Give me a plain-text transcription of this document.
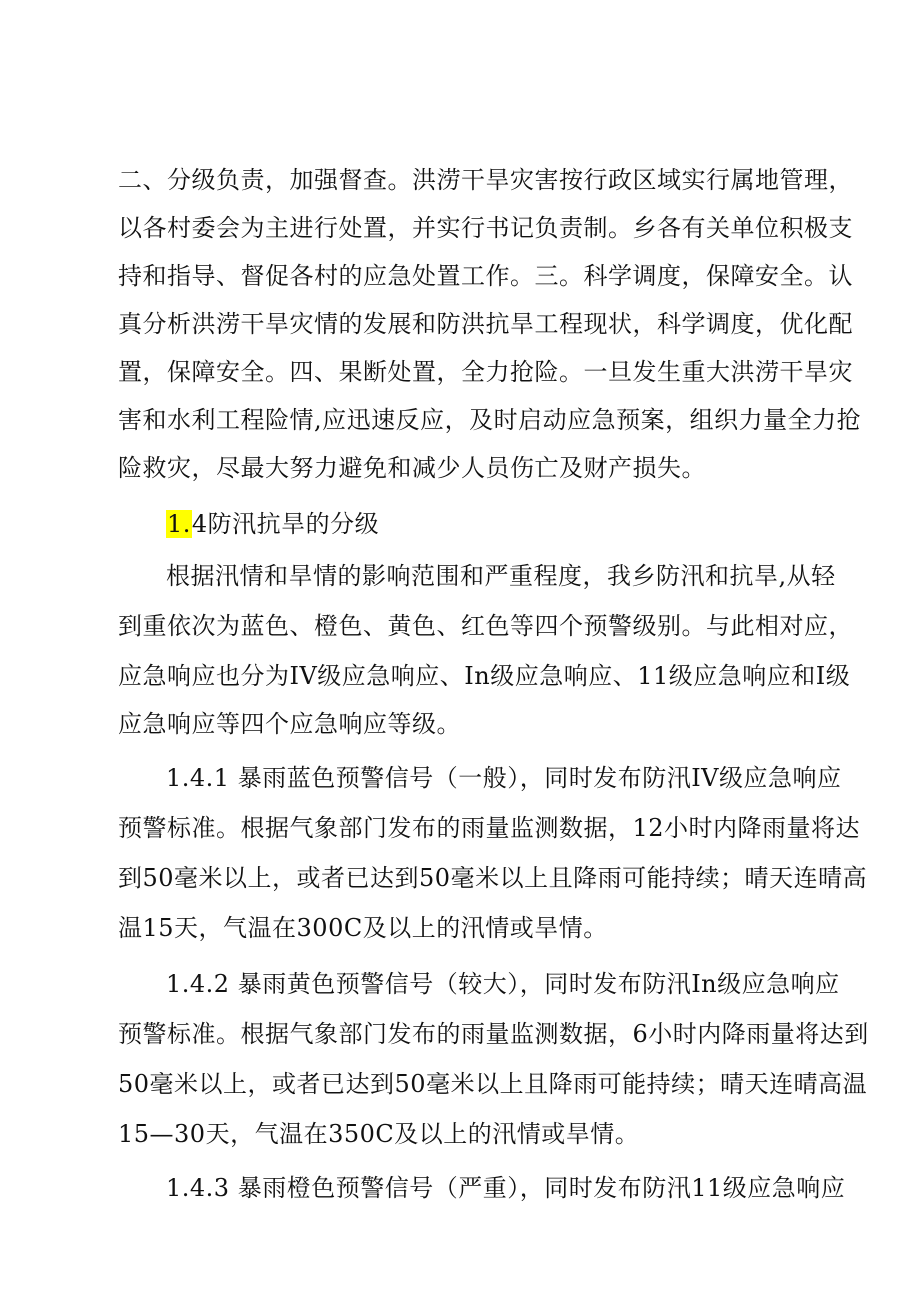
二、分级负责，加强督查。洪涝干旱灾害按行政区域实行属地管理，
以各村委会为主进行处置，并实行书记负责制。乡各有关单位积极支
持和指导、督促各村的应急处置工作。三。科学调度，保障安全。认
真分析洪涝干旱灾情的发展和防洪抗旱工程现状，科学调度，优化配
置，保障安全。四、果断处置，全力抢险。一旦发生重大洪涝干旱灾
害和水利工程险情,应迅速反应，及时启动应急预案，组织力量全力抢
险救灾，尽最大努力避免和减少人员伤亡及财产损失。
1.4防汛抗旱的分级
根据汛情和旱情的影响范围和严重程度，我乡防汛和抗旱,从轻
到重依次为蓝色、橙色、黄色、红色等四个预警级别。与此相对应，
应急响应也分为IV级应急响应、In级应急响应、11级应急响应和I级
应急响应等四个应急响应等级。
1.4.1 暴雨蓝色预警信号（一般），同时发布防汛IV级应急响应
预警标准。根据气象部门发布的雨量监测数据，12小时内降雨量将达
到50毫米以上，或者已达到50毫米以上且降雨可能持续；晴天连晴高
温15天，气温在300C及以上的汛情或旱情。
1.4.2 暴雨黄色预警信号（较大），同时发布防汛In级应急响应
预警标准。根据气象部门发布的雨量监测数据，6小时内降雨量将达到
50毫米以上，或者已达到50毫米以上且降雨可能持续；晴天连晴高温
15—30天，气温在350C及以上的汛情或旱情。
1.4.3 暴雨橙色预警信号（严重），同时发布防汛11级应急响应
